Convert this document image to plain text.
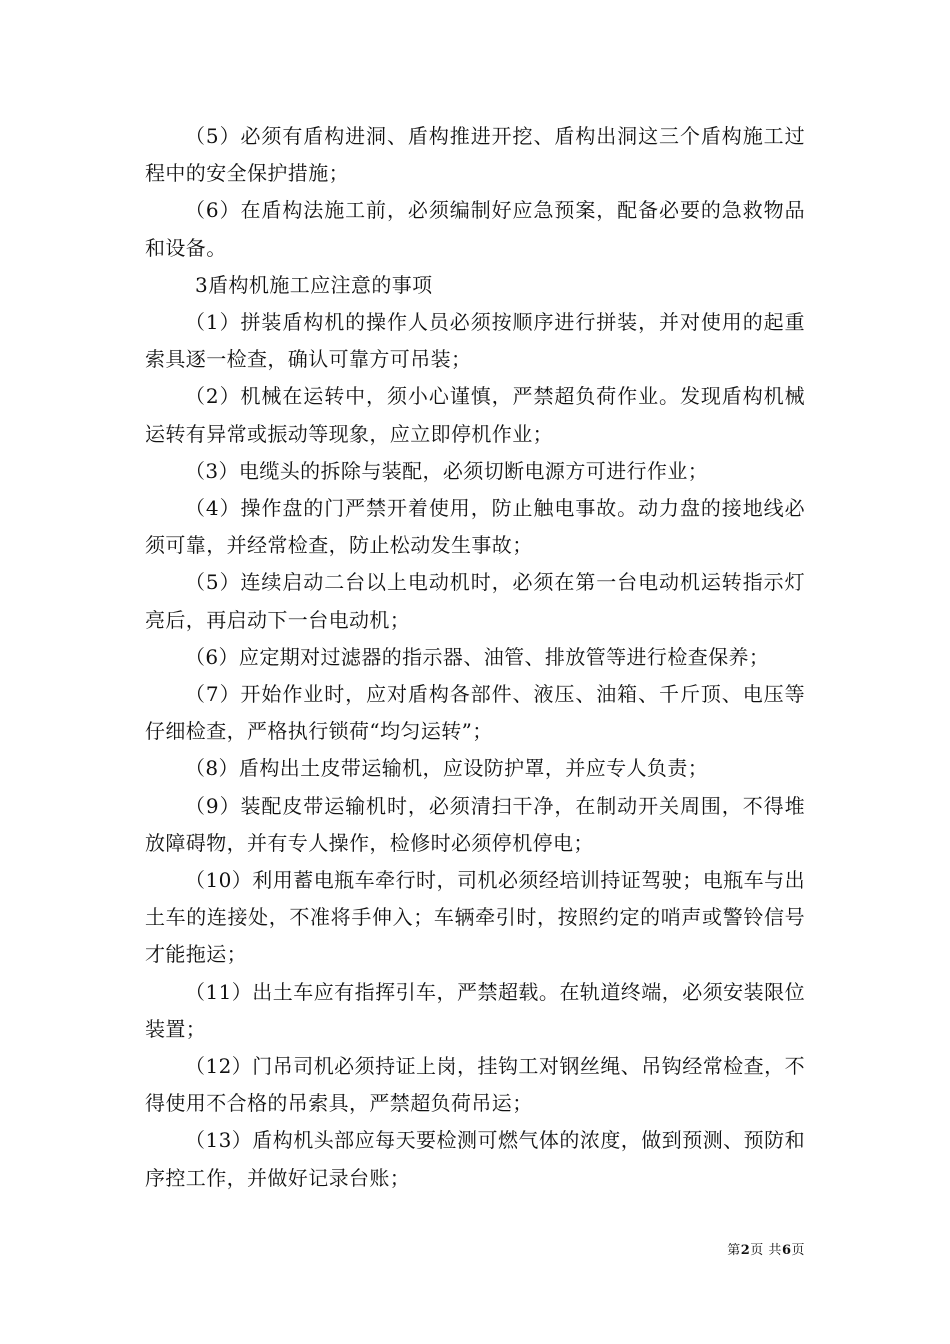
（5）必须有盾构进洞、盾构推进开挖、盾构出洞这三个盾构施工过程中的安全保护措施；

（6）在盾构法施工前，必须编制好应急预案，配备必要的急救物品和设备。

3盾构机施工应注意的事项

（1）拼装盾构机的操作人员必须按顺序进行拼装，并对使用的起重索具逐一检查，确认可靠方可吊装；

（2）机械在运转中，须小心谨慎，严禁超负荷作业。发现盾构机械运转有异常或振动等现象，应立即停机作业；

（3）电缆头的拆除与装配，必须切断电源方可进行作业；

（4）操作盘的门严禁开着使用，防止触电事故。动力盘的接地线必须可靠，并经常检查，防止松动发生事故；

（5）连续启动二台以上电动机时，必须在第一台电动机运转指示灯亮后，再启动下一台电动机；

（6）应定期对过滤器的指示器、油管、排放管等进行检查保养；

（7）开始作业时，应对盾构各部件、液压、油箱、千斤顶、电压等仔细检查，严格执行锁荷“均匀运转”；

（8）盾构出土皮带运输机，应设防护罩，并应专人负责；

（9）装配皮带运输机时，必须清扫干净，在制动开关周围，不得堆放障碍物，并有专人操作，检修时必须停机停电；

（10）利用蓄电瓶车牵行时，司机必须经培训持证驾驶；电瓶车与出土车的连接处，不准将手伸入；车辆牵引时，按照约定的哨声或警铃信号才能拖运；

（11）出土车应有指挥引车，严禁超载。在轨道终端，必须安装限位装置；

（12）门吊司机必须持证上岗，挂钩工对钢丝绳、吊钩经常检查，不得使用不合格的吊索具，严禁超负荷吊运；

（13）盾构机头部应每天要检测可燃气体的浓度，做到预测、预防和序控工作，并做好记录台账；

第2页 共6页
